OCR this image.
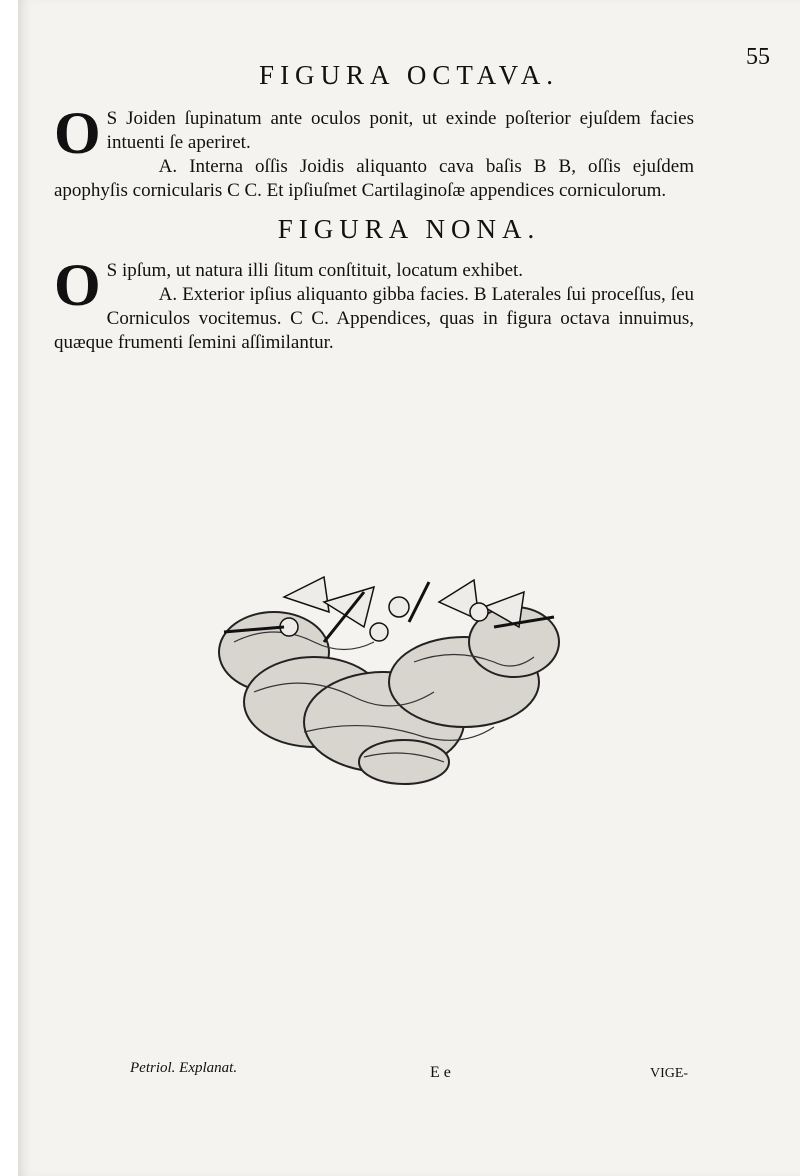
55
FIGURA OCTAVA.

O S Joiden ſupinatum ante oculos ponit, ut exinde poſterior ejuſdem facies intuenti ſe aperiret.

A. Interna oſſis Joidis aliquanto cava baſis B B, oſſis ejuſdem apophyſis cornicularis C C. Et ipſiuſmet Cartilaginoſæ appendices corniculorum.

FIGURA NONA.

O S ipſum, ut natura illi ſitum conſtituit, locatum exhibet.

A. Exterior ipſius aliquanto gibba facies. B Laterales ſui proceſſus, ſeu Corniculos vocitemus. C C. Appendices, quas in figura octava innuimus, quæque frumenti ſemini aſſimilantur.

Petriol. Explanat.	E e	VIGE-
